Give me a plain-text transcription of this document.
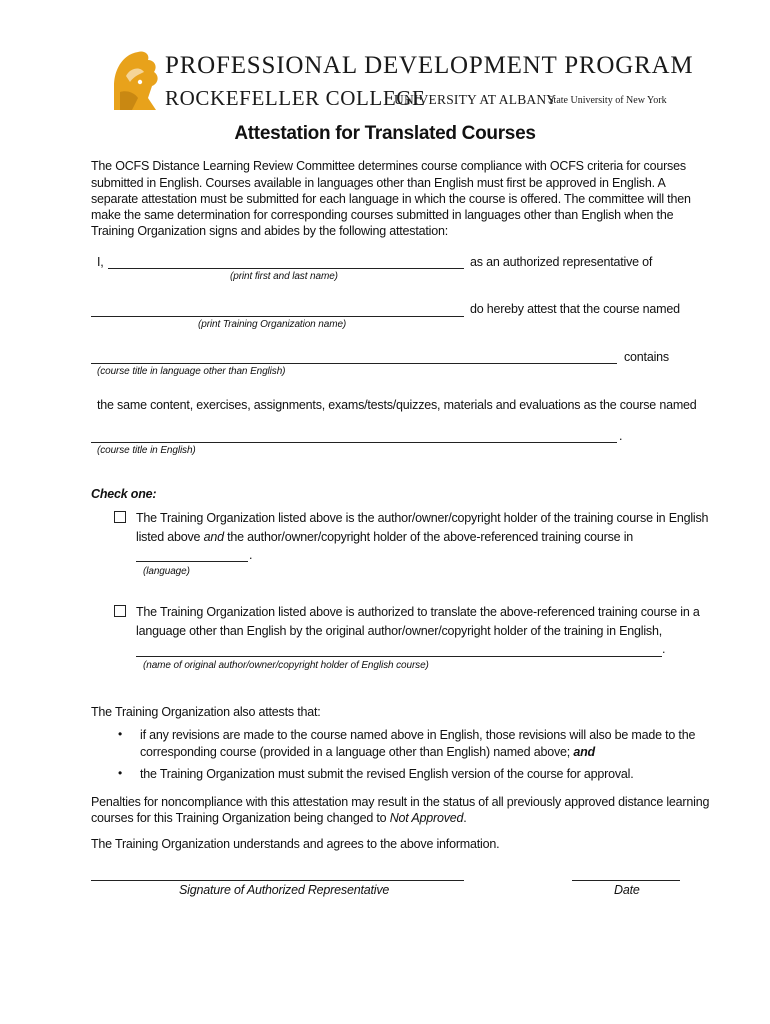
PROFESSIONAL DEVELOPMENT PROGRAM
ROCKEFELLER COLLEGE
UNIVERSITY AT ALBANY
State University of New York
Attestation for Translated Courses
The OCFS Distance Learning Review Committee determines course compliance with OCFS criteria for courses
submitted in English. Courses available in languages other than English must first be approved in English. A
separate attestation must be submitted for each language in which the course is offered. The committee will then
make the same determination for corresponding courses submitted in languages other than English when the
Training Organization signs and abides by the following attestation:
I,	as an authorized representative of
(print first and last name)
do hereby attest that the course named
(print Training Organization name)
contains
(course title in language other than English)
the same content, exercises, assignments, exams/tests/quizzes, materials and evaluations as the course named
.
(course title in English)
Check one:
The Training Organization listed above is the author/owner/copyright holder of the training course in English
listed above and the author/owner/copyright holder of the above-referenced training course in
.
(language)
The Training Organization listed above is authorized to translate the above-referenced training course in a
language other than English by the original author/owner/copyright holder of the training in English,
.
(name of original author/owner/copyright holder of English course)
The Training Organization also attests that:
• if any revisions are made to the course named above in English, those revisions will also be made to the
corresponding course (provided in a language other than English) named above; and
• the Training Organization must submit the revised English version of the course for approval.
Penalties for noncompliance with this attestation may result in the status of all previously approved distance learning
courses for this Training Organization being changed to Not Approved.
The Training Organization understands and agrees to the above information.
Signature of Authorized Representative	Date
